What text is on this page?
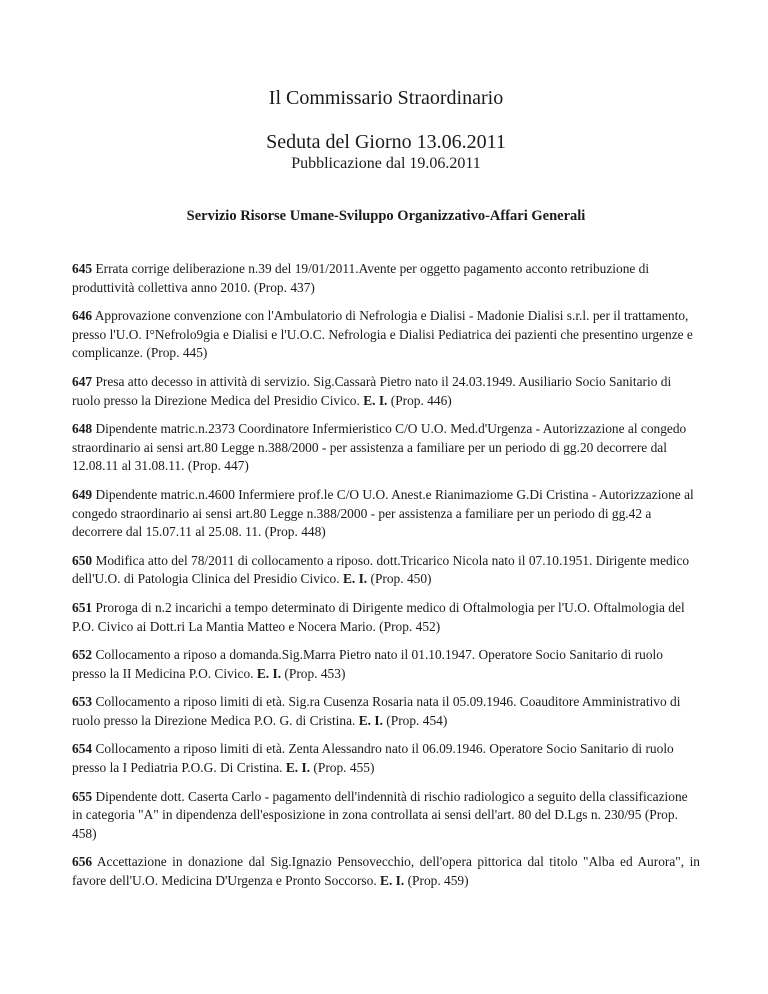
Il Commissario Straordinario
Seduta del Giorno 13.06.2011
Pubblicazione dal 19.06.2011
Servizio Risorse Umane-Sviluppo Organizzativo-Affari Generali

645 Errata corrige deliberazione n.39 del 19/01/2011.Avente per oggetto pagamento acconto retribuzione di produttività collettiva anno 2010. (Prop. 437)

646 Approvazione convenzione con l'Ambulatorio di Nefrologia e Dialisi - Madonie Dialisi s.r.l. per il trattamento, presso l'U.O. I°Nefrolo9gia e Dialisi e l'U.O.C. Nefrologia e Dialisi Pediatrica dei pazienti che presentino urgenze e complicanze. (Prop. 445)

647 Presa atto decesso in attività di servizio. Sig.Cassarà Pietro nato il 24.03.1949. Ausiliario Socio Sanitario di ruolo presso la Direzione Medica del Presidio Civico. E. I. (Prop. 446)

648 Dipendente matric.n.2373 Coordinatore Infermieristico C/O U.O. Med.d'Urgenza - Autorizzazione al congedo straordinario ai sensi art.80 Legge n.388/2000 - per assistenza a familiare per un periodo di gg.20 decorrere dal 12.08.11 al 31.08.11. (Prop. 447)

649 Dipendente matric.n.4600 Infermiere prof.le C/O U.O. Anest.e Rianimaziome G.Di Cristina - Autorizzazione al congedo straordinario ai sensi art.80 Legge n.388/2000 - per assistenza a familiare per un periodo di gg.42 a decorrere dal 15.07.11 al 25.08. 11. (Prop. 448)

650 Modifica atto del 78/2011 di collocamento a riposo. dott.Tricarico Nicola nato il 07.10.1951. Dirigente medico dell'U.O. di Patologia Clinica del Presidio Civico. E. I. (Prop. 450)

651 Proroga di n.2 incarichi a tempo determinato di Dirigente medico di Oftalmologia per l'U.O. Oftalmologia del P.O. Civico ai Dott.ri La Mantia Matteo e Nocera Mario. (Prop. 452)

652 Collocamento a riposo a domanda.Sig.Marra Pietro nato il 01.10.1947. Operatore Socio Sanitario di ruolo presso la II Medicina P.O. Civico. E. I. (Prop. 453)

653 Collocamento a riposo limiti di età. Sig.ra Cusenza Rosaria nata il 05.09.1946. Coauditore Amministrativo di ruolo presso la Direzione Medica P.O. G. di Cristina. E. I. (Prop. 454)

654 Collocamento a riposo limiti di età. Zenta Alessandro nato il 06.09.1946. Operatore Socio Sanitario di ruolo presso la I Pediatria P.O.G. Di Cristina. E. I. (Prop. 455)

655 Dipendente dott. Caserta Carlo - pagamento dell'indennità di rischio radiologico a seguito della classificazione in categoria "A" in dipendenza dell'esposizione in zona controllata ai sensi dell'art. 80 del D.Lgs n. 230/95 (Prop. 458)

656 Accettazione in donazione dal Sig.Ignazio Pensovecchio, dell'opera pittorica dal titolo "Alba ed Aurora", in favore dell'U.O. Medicina D'Urgenza e Pronto Soccorso. E. I. (Prop. 459)
